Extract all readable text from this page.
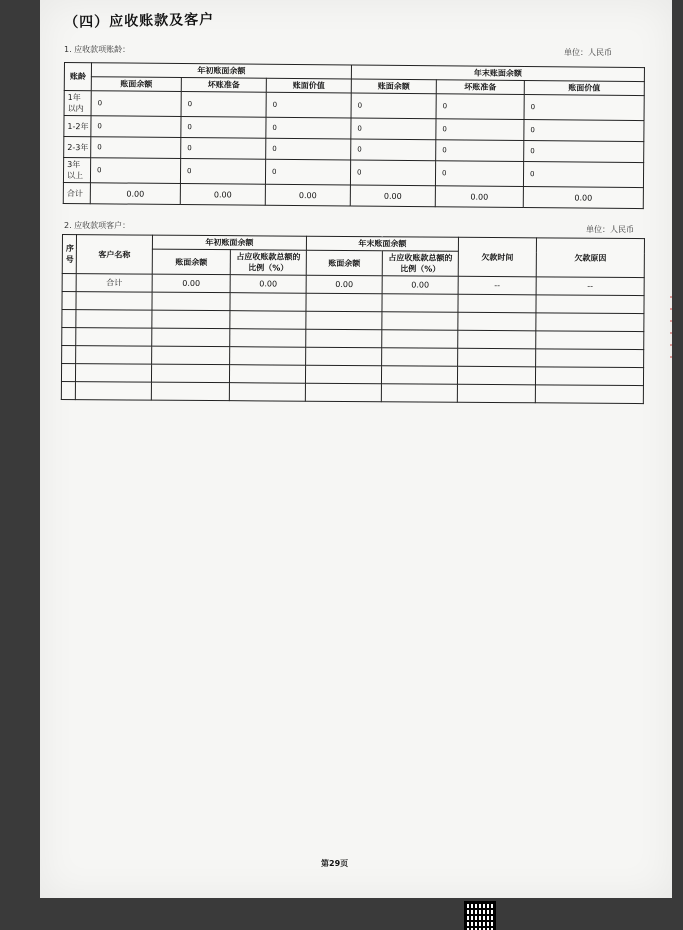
（四）应收账款及客户
1. 应收款项账龄：	单位：人民币
账龄	年初账面余额			年末账面余额		
	账面余额	坏账准备	账面价值	账面余额	坏账准备	账面价值
1年以内	0	0	0	0	0	0
1-2年	0	0	0	0	0	0
2-3年	0	0	0	0	0	0
3年以上	0	0	0	0	0	0
合计	0.00	0.00	0.00	0.00	0.00	0.00
2. 应收款项客户：	单位：人民币
序号	客户名称	年初账面余额		年末账面余额		欠款时间	欠款原因
		账面余额	占应收账款总额的比例（%）	账面余额	占应收账款总额的比例（%）		
	合计	0.00	0.00	0.00	0.00	--	--

第29页
